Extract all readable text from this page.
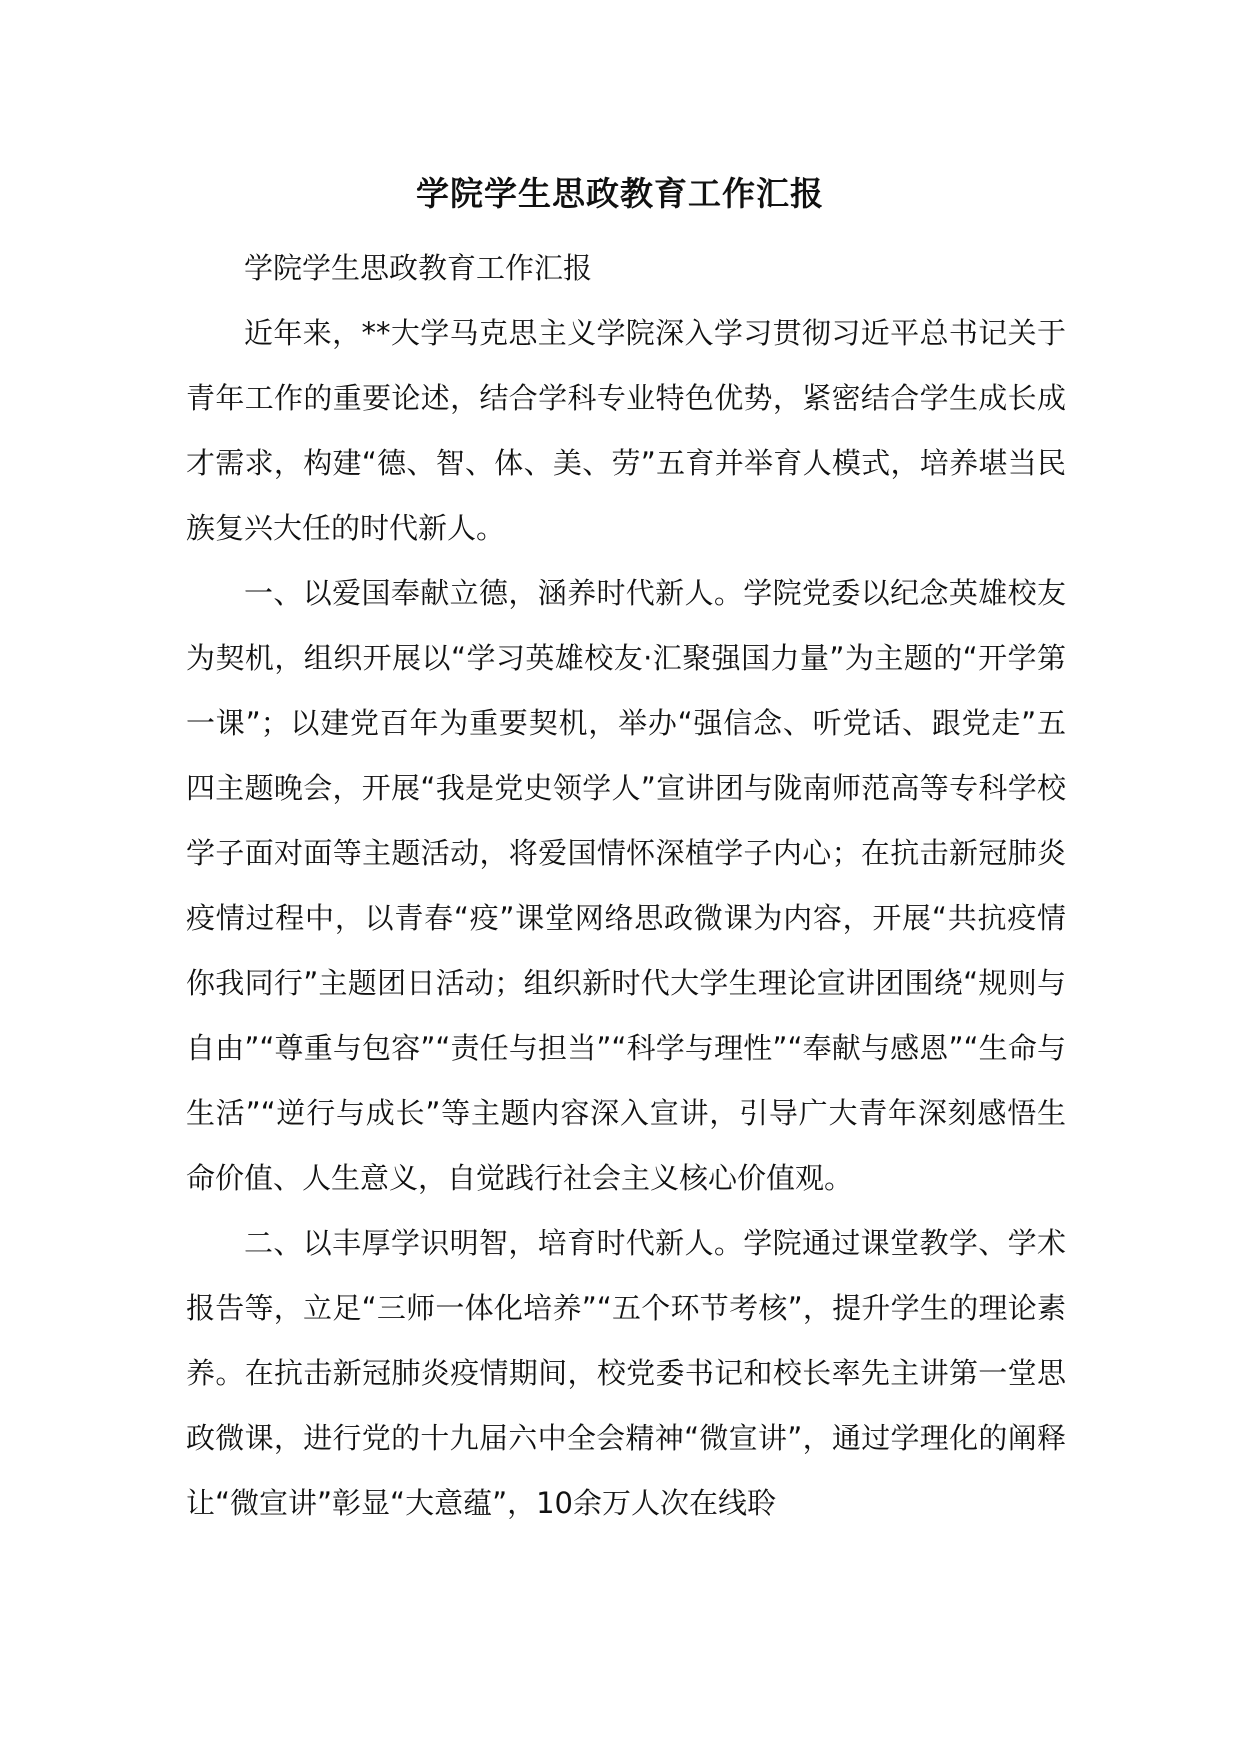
学院学生思政教育工作汇报

学院学生思政教育工作汇报

近年来，**大学马克思主义学院深入学习贯彻习近平总书记关于青年工作的重要论述，结合学科专业特色优势，紧密结合学生成长成才需求，构建“德、智、体、美、劳”五育并举育人模式，培养堪当民族复兴大任的时代新人。

一、以爱国奉献立德，涵养时代新人。学院党委以纪念英雄校友为契机，组织开展以“学习英雄校友·汇聚强国力量”为主题的“开学第一课”；以建党百年为重要契机，举办“强信念、听党话、跟党走”五四主题晚会，开展“我是党史领学人”宣讲团与陇南师范高等专科学校学子面对面等主题活动，将爱国情怀深植学子内心；在抗击新冠肺炎疫情过程中，以青春“疫”课堂网络思政微课为内容，开展“共抗疫情 你我同行”主题团日活动；组织新时代大学生理论宣讲团围绕“规则与自由”“尊重与包容”“责任与担当”“科学与理性”“奉献与感恩”“生命与生活”“逆行与成长”等主题内容深入宣讲，引导广大青年深刻感悟生命价值、人生意义，自觉践行社会主义核心价值观。

二、以丰厚学识明智，培育时代新人。学院通过课堂教学、学术报告等，立足“三师一体化培养”“五个环节考核”，提升学生的理论素养。在抗击新冠肺炎疫情期间，校党委书记和校长率先主讲第一堂思政微课，进行党的十九届六中全会精神“微宣讲”，通过学理化的阐释让“微宣讲”彰显“大意蕴”，10余万人次在线聆
